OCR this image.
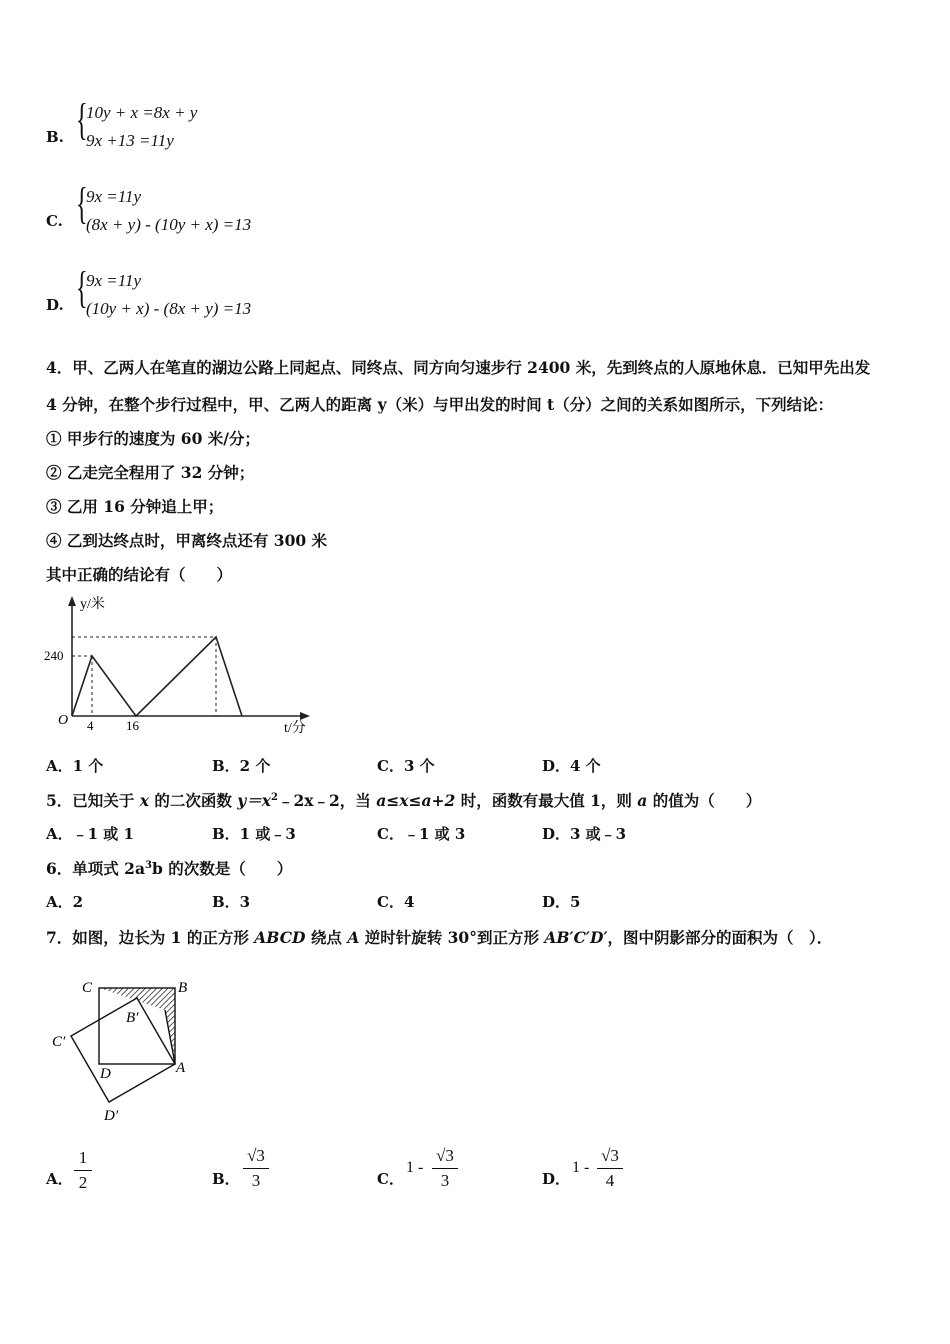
B. {
10y + x =8x + y
9x +13 =11y
C. {
9x =11y
(8x + y) - (10y + x) =13
D. {
9x =11y
(10y + x) - (8x + y) =13
4．甲、乙两人在笔直的湖边公路上同起点、同终点、同方向匀速步行 2400 米，先到终点的人原地休息．已知甲先出发
4 分钟，在整个步行过程中，甲、乙两人的距离 y（米）与甲出发的时间 t（分）之间的关系如图所示，下列结论：
① 甲步行的速度为 60 米/分；
② 乙走完全程用了 32 分钟；
③ 乙用 16 分钟追上甲；
④ 乙到达终点时，甲离终点还有 300 米
其中正确的结论有（　　）
y/米
t/分
O
240
4	16
A．1 个	B．2 个	C．3 个	D．4 个
5．已知关于 x 的二次函数 $y=x^2﹣2x﹣2$，当 a≤x≤a+2 时，函数有最大值 1，则 a 的值为（　　）
A．﹣1 或 1	B．1 或﹣3	C．﹣1 或 3	D．3 或﹣3
6．单项式 $2a^3b$ 的次数是（　　）
A．2	B．3	C．4	D．5
7．如图，边长为 1 的正方形 ABCD 绕点 A 逆时针旋转 30°到正方形 AB′C′D′，图中阴影部分的面积为（　）．
C	B
B′
C′
D	A
D′
A．
1
2	B．
√3
3	C．
1 -
√3
3	D．
1 -
√3
4
